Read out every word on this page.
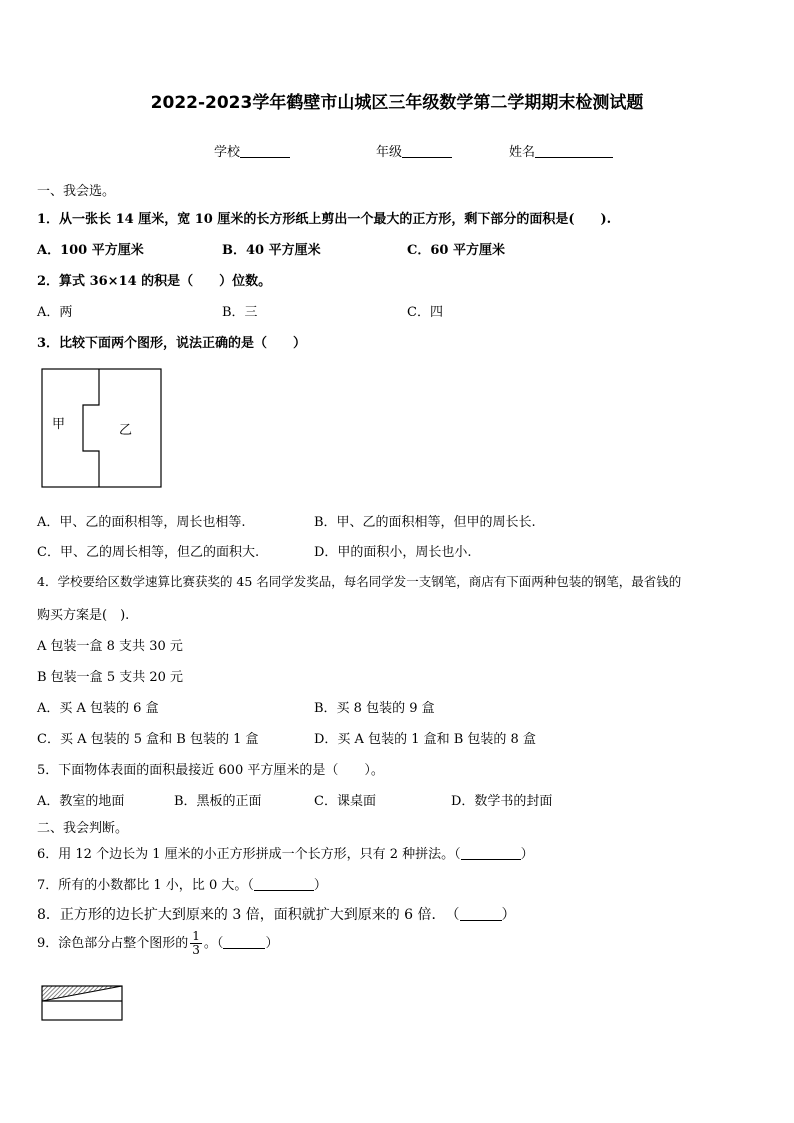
2022-2023学年鹤壁市山城区三年级数学第二学期期末检测试题
学校	年级	姓名
一、我会选。
1．从一张长 14 厘米，宽 10 厘米的长方形纸上剪出一个最大的正方形，剩下部分的面积是(　　).
A．100 平方厘米	B．40 平方厘米	C．60 平方厘米
2．算式 36×14 的积是（　　）位数。
A．两	B．三	C．四
3．比较下面两个图形，说法正确的是（　　）
甲	乙
A．甲、乙的面积相等，周长也相等.	B．甲、乙的面积相等，但甲的周长长.
C．甲、乙的周长相等，但乙的面积大.	D．甲的面积小，周长也小.
4．学校要给区数学速算比赛获奖的 45 名同学发奖品，每名同学发一支钢笔，商店有下面两种包装的钢笔，最省钱的
购买方案是(　).
A 包装一盒 8 支共 30 元
B 包装一盒 5 支共 20 元
A．买 A 包装的 6 盒	B．买 8 包装的 9 盒
C．买 A 包装的 5 盒和 B 包装的 1 盒	D．买 A 包装的 1 盒和 B 包装的 8 盒
5．下面物体表面的面积最接近 600 平方厘米的是（　　）。
A．教室的地面	B．黑板的正面	C．课桌面	D．数学书的封面
二、我会判断。
6．用 12 个边长为 1 厘米的小正方形拼成一个长方形，只有 2 种拼法。（	）
7．所有的小数都比 1 小，比 0 大。（	）
8．正方形的边长扩大到原来的 3 倍，面积就扩大到原来的 6 倍．　（	）
9．涂色部分占整个图形的 $\frac{1}{3}$ 。（	）
